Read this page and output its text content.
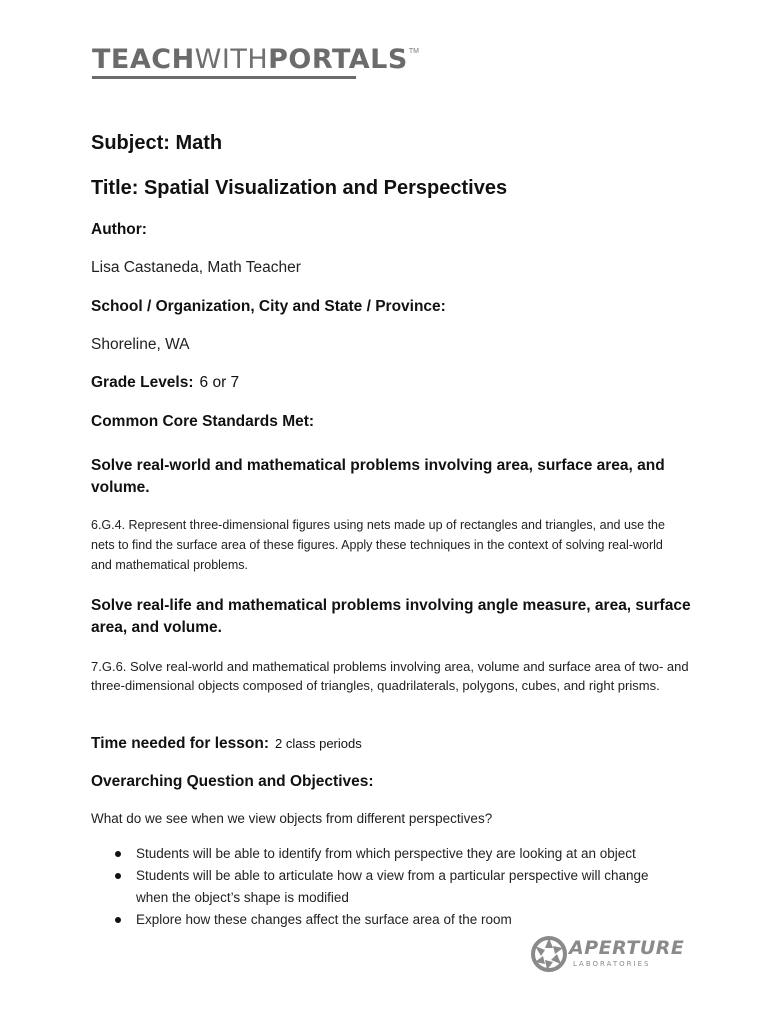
TEACHWITHPORTALS™
Subject: Math
Title: Spatial Visualization and Perspectives
Author:
Lisa Castaneda, Math Teacher
School / Organization, City and State / Province:
Shoreline, WA
Grade Levels: 6 or 7
Common Core Standards Met:
Solve real-world and mathematical problems involving area, surface area, and volume.
6.G.4. Represent three-dimensional figures using nets made up of rectangles and triangles, and use the nets to find the surface area of these figures. Apply these techniques in the context of solving real-world and mathematical problems.
Solve real-life and mathematical problems involving angle measure, area, surface area, and volume.
7.G.6. Solve real-world and mathematical problems involving area, volume and surface area of two- and three-dimensional objects composed of triangles, quadrilaterals, polygons, cubes, and right prisms.
Time needed for lesson: 2 class periods
Overarching Question and Objectives:
What do we see when we view objects from different perspectives?
Students will be able to identify from which perspective they are looking at an object
Students will be able to articulate how a view from a particular perspective will change when the object’s shape is modified
Explore how these changes affect the surface area of the room
APERTURE
LABORATORIES
